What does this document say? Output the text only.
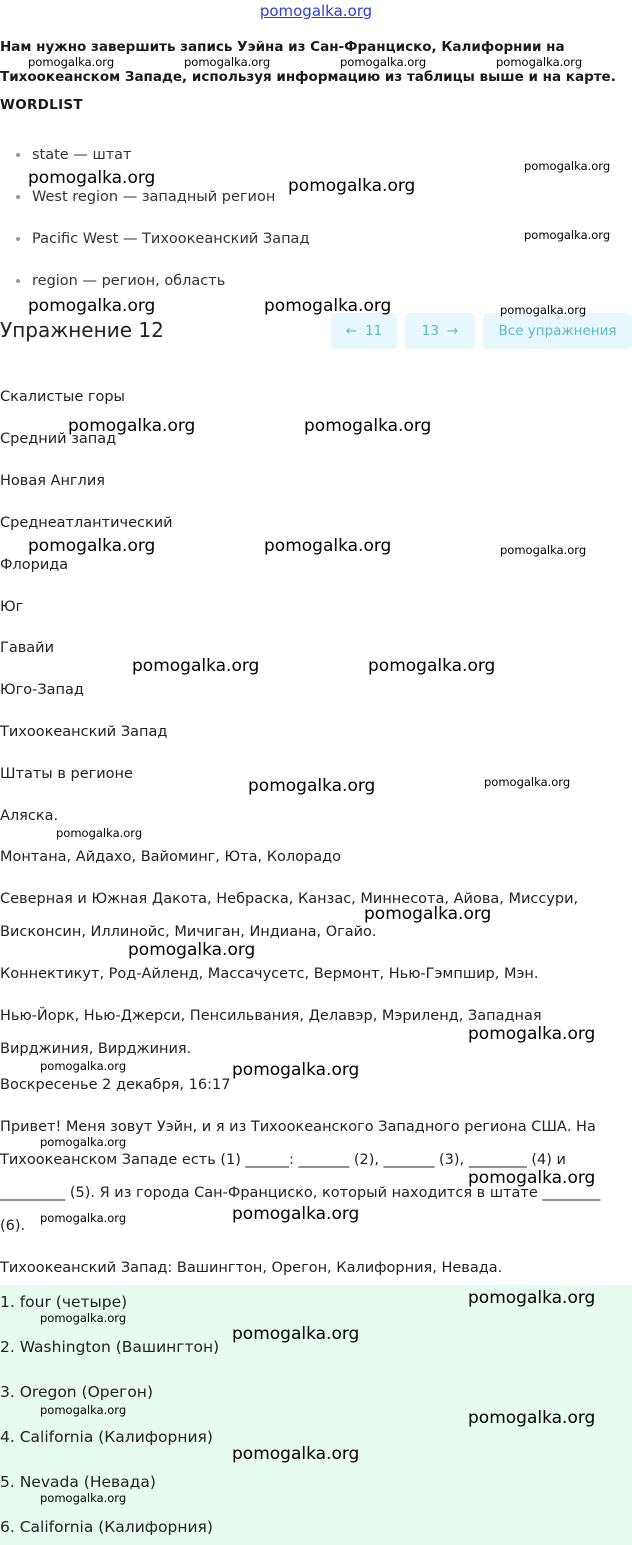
pomogalka.org
Нам нужно завершить запись Уэйна из Сан-Франциско, Калифорнии на Тихоокеанском Западе, используя информацию из таблицы выше и на карте.
WORDLIST
state — штат
West region — западный регион
Pacific West — Тихоокеанский Запад
region — регион, область
Упражнение 12	← 11	13 →	Все упражнения
Скалистые горы
Средний запад
Новая Англия
Среднеатлантический
Флорида
Юг
Гавайи
Юго-Запад
Тихоокеанский Запад
Штаты в регионе
Аляска.
Монтана, Айдахо, Вайоминг, Юта, Колорадо
Северная и Южная Дакота, Небраска, Канзас, Миннесота, Айова, Миссури, Висконсин, Иллинойс, Мичиган, Индиана, Огайо.
Коннектикут, Род-Айленд, Массачусетс, Вермонт, Нью-Гэмпшир, Мэн.
Нью-Йорк, Нью-Джерси, Пенсильвания, Делавэр, Мэриленд, Западная Вирджиния, Вирджиния.
Воскресенье 2 декабря, 16:17
Привет! Меня зовут Уэйн, и я из Тихоокеанского Западного региона США. На Тихоокеанском Западе есть (1) ______: _______ (2), _______ (3), ________ (4) и _________ (5). Я из города Сан-Франциско, который находится в штате ________ (6).
Тихоокеанский Запад: Вашингтон, Орегон, Калифорния, Невада.
1. four (четыре)
2. Washington (Вашингтон)
3. Oregon (Орегон)
4. California (Калифорния)
5. Nevada (Невада)
6. California (Калифорния)
pomogalka.org	pomogalka.org	pomogalka.org	pomogalka.org
pomogalka.org
pomogalka.org	pomogalka.org
pomogalka.org
pomogalka.org	pomogalka.org	pomogalka.org
pomogalka.org	pomogalka.org
pomogalka.org	pomogalka.org	pomogalka.org
pomogalka.org	pomogalka.org
pomogalka.org	pomogalka.org
pomogalka.org
pomogalka.org
pomogalka.org
pomogalka.org
pomogalka.org	pomogalka.org
pomogalka.org
pomogalka.org
pomogalka.org	pomogalka.org
pomogalka.org
pomogalka.org
pomogalka.org
pomogalka.org	pomogalka.org
pomogalka.org
pomogalka.org
